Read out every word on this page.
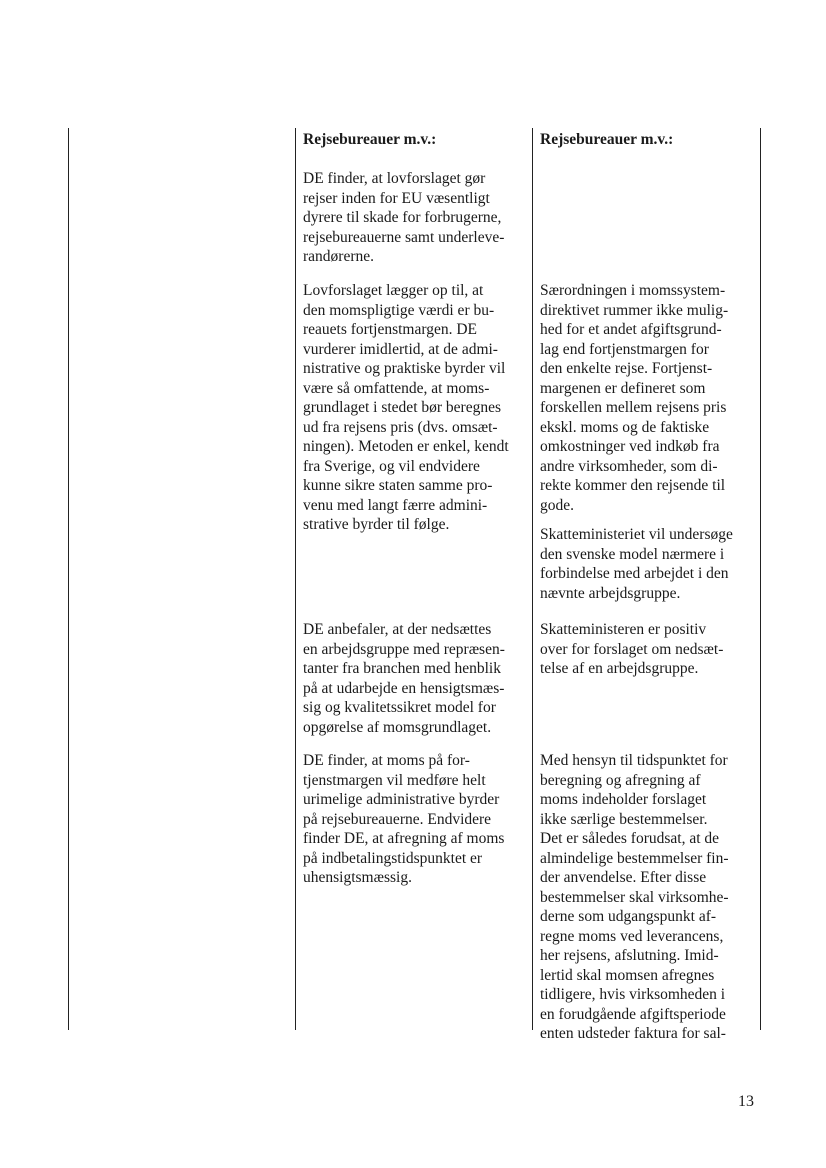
Rejsebureauer m.v.:
DE finder, at lovforslaget gør
rejser inden for EU væsentligt
dyrere til skade for forbrugerne,
rejsebureauerne samt underleve-
randørerne.
Lovforslaget lægger op til, at
den momspligtige værdi er bu-
reauets fortjenstmargen. DE
vurderer imidlertid, at de admi-
nistrative og praktiske byrder vil
være så omfattende, at moms-
grundlaget i stedet bør beregnes
ud fra rejsens pris (dvs. omsæt-
ningen). Metoden er enkel, kendt
fra Sverige, og vil endvidere
kunne sikre staten samme pro-
venu med langt færre admini-
strative byrder til følge.
DE anbefaler, at der nedsættes
en arbejdsgruppe med repræsen-
tanter fra branchen med henblik
på at udarbejde en hensigtsmæs-
sig og kvalitetssikret model for
opgørelse af momsgrundlaget.
DE finder, at moms på for-
tjenstmargen vil medføre helt
urimelige administrative byrder
på rejsebureauerne. Endvidere
finder DE, at afregning af moms
på indbetalingstidspunktet er
uhensigtsmæssig.
Rejsebureauer m.v.:
Særordningen i momssystem-
direktivet rummer ikke mulig-
hed for et andet afgiftsgrund-
lag end fortjenstmargen for
den enkelte rejse. Fortjenst-
margenen er defineret som
forskellen mellem rejsens pris
ekskl. moms og de faktiske
omkostninger ved indkøb fra
andre virksomheder, som di-
rekte kommer den rejsende til
gode.
Skatteministeriet vil undersøge
den svenske model nærmere i
forbindelse med arbejdet i den
nævnte arbejdsgruppe.
Skatteministeren er positiv
over for forslaget om nedsæt-
telse af en arbejdsgruppe.
Med hensyn til tidspunktet for
beregning og afregning af
moms indeholder forslaget
ikke særlige bestemmelser.
Det er således forudsat, at de
almindelige bestemmelser fin-
der anvendelse. Efter disse
bestemmelser skal virksomhe-
derne som udgangspunkt af-
regne moms ved leverancens,
her rejsens, afslutning. Imid-
lertid skal momsen afregnes
tidligere, hvis virksomheden i
en forudgående afgiftsperiode
enten udsteder faktura for sal-
13
